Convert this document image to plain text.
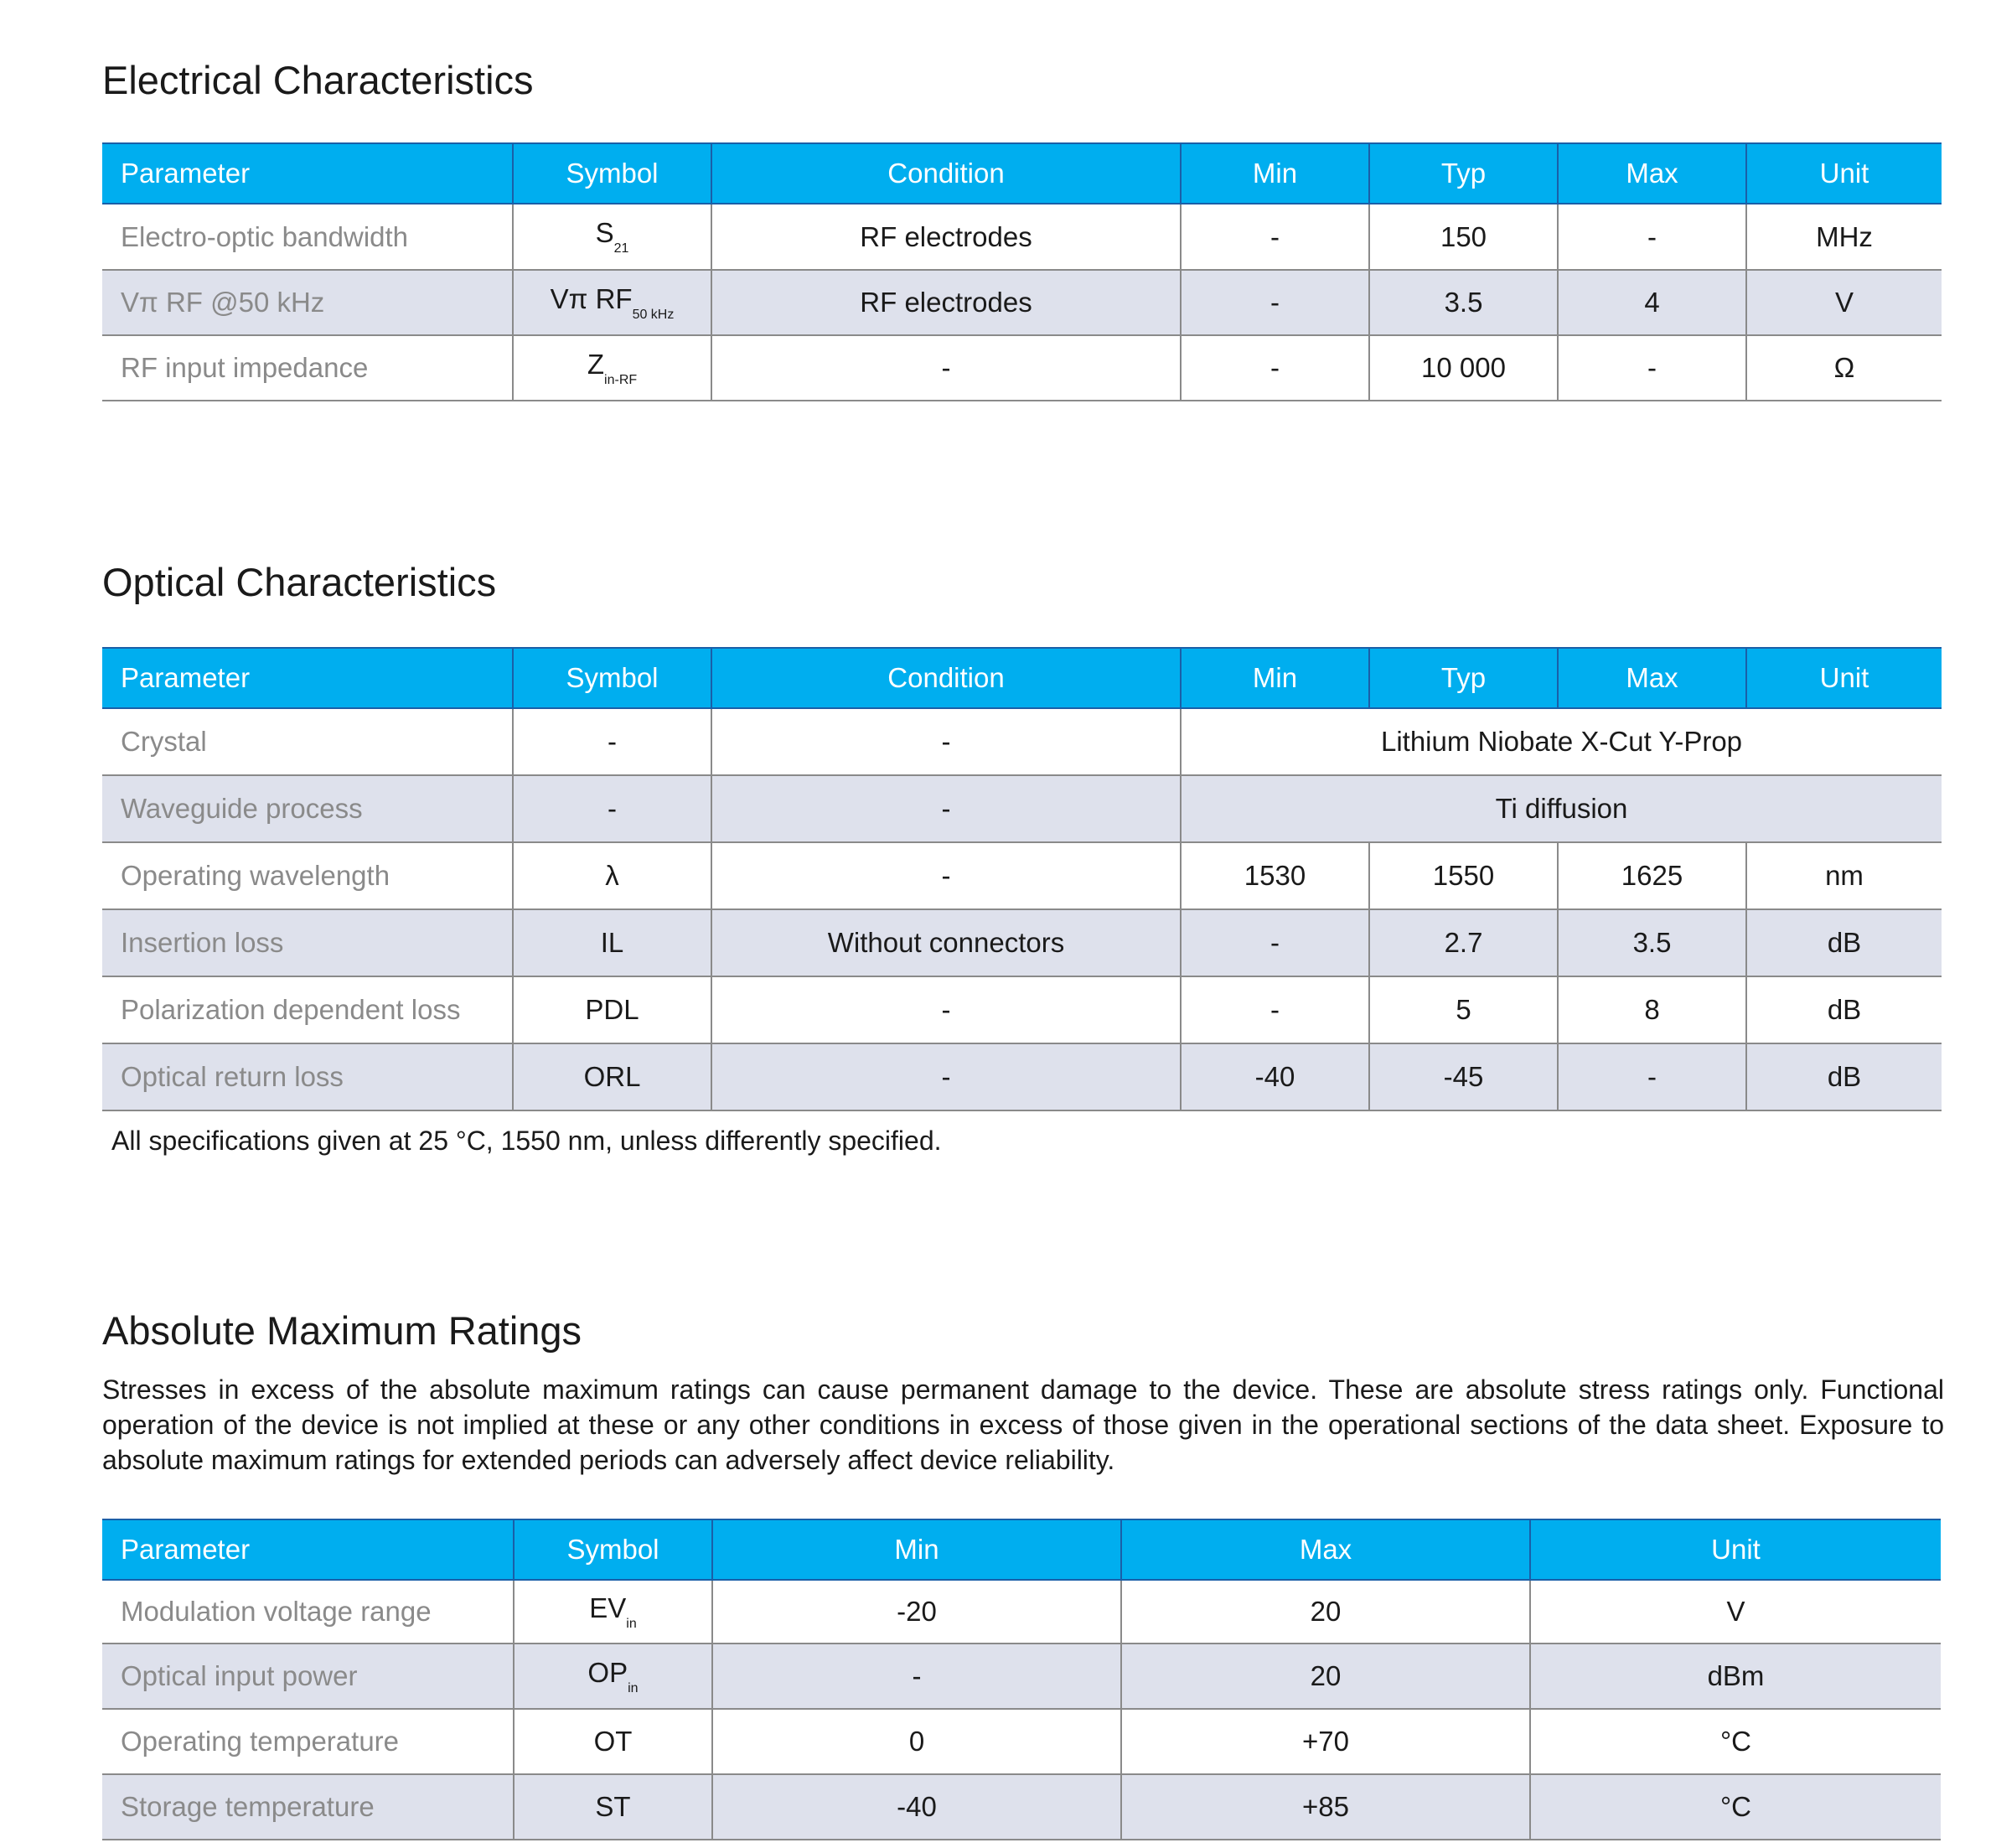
Electrical Characteristics
Parameter	Symbol	Condition	Min	Typ	Max	Unit
Electro-optic bandwidth	$S_{21}$	RF electrodes	-	150	-	MHz
Vπ RF @50 kHz	Vπ $RF_{50 kHz}$	RF electrodes	-	3.5	4	V
RF input impedance	$Z_{in-RF}$	-	-	10 000	-	Ω
Optical Characteristics
Parameter	Symbol	Condition	Min	Typ	Max	Unit
Crystal	-	-	Lithium Niobate X-Cut Y-Prop			
Waveguide process	-	-	Ti diffusion			
Operating wavelength	λ	-	1530	1550	1625	nm
Insertion loss	IL	Without connectors	-	2.7	3.5	dB
Polarization dependent loss	PDL	-	-	5	8	dB
Optical return loss	ORL	-	-40	-45	-	dB

All specifications given at 25 °C, 1550 nm, unless differently specified.

Absolute Maximum Ratings

Stresses in excess of the absolute maximum ratings can cause permanent damage to the device. These are absolute stress ratings only. Functional operation of the device is not implied at these or any other conditions in excess of those given in the operational sections of the data sheet. Exposure to absolute maximum ratings for extended periods can adversely affect device reliability.

Parameter	Symbol	Min	Max	Unit
Modulation voltage range	$EV_{in}$	-20	20	V
Optical input power	$OP_{in}$	-	20	dBm
Operating temperature	OT	0	+70	°C
Storage temperature	ST	-40	+85	°C
